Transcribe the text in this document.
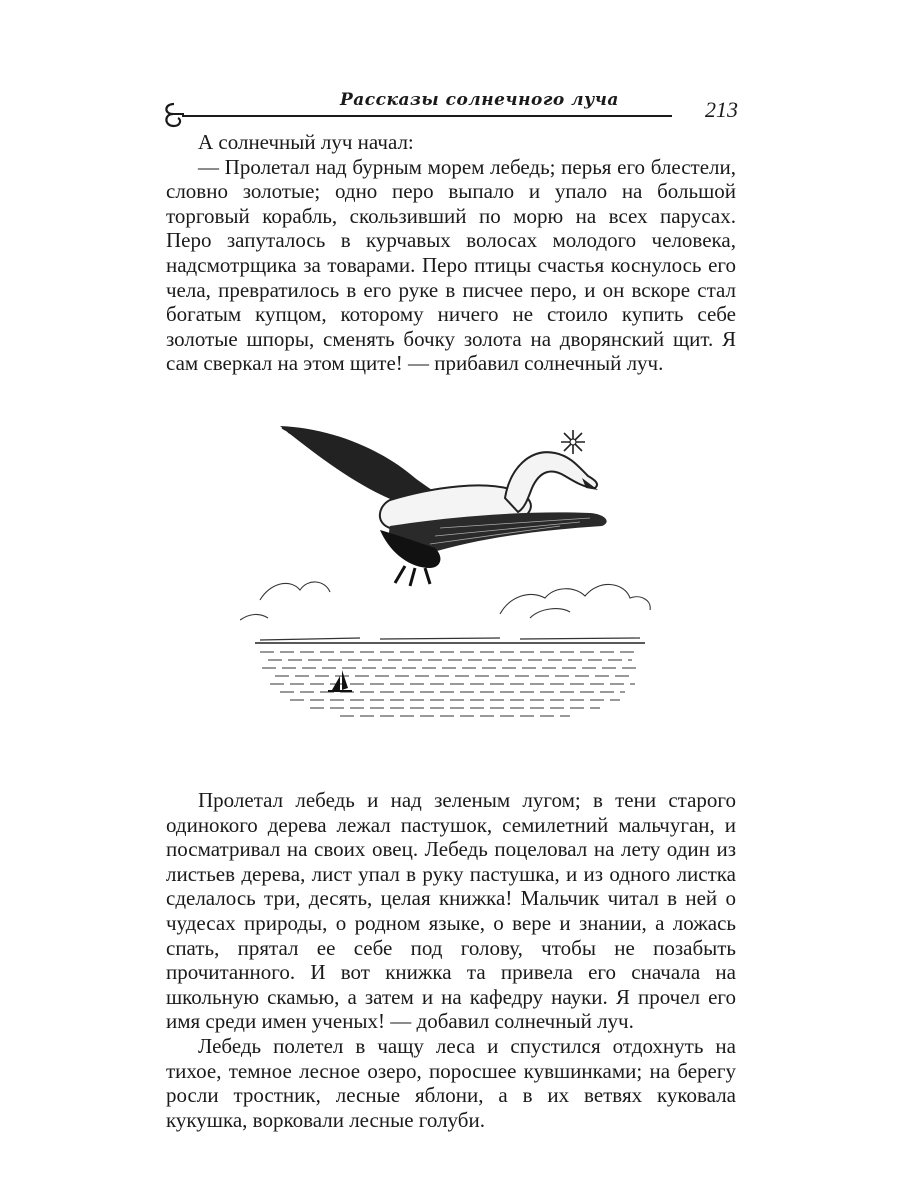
Рассказы солнечного луча	213

А солнечный луч начал:

— Пролетал над бурным морем лебедь; перья его блестели, словно золотые; одно перо выпало и упало на большой торговый корабль, скользивший по морю на всех парусах. Перо запуталось в курчавых волосах молодого человека, надсмотрщика за товарами. Перо птицы счастья коснулось его чела, превратилось в его руке в писчее перо, и он вскоре стал богатым купцом, которому ничего не стоило купить себе золотые шпоры, сменять бочку золота на дворянский щит. Я сам сверкал на этом щите! — прибавил солнечный луч.

Пролетал лебедь и над зеленым лугом; в тени старого одинокого дерева лежал пастушок, семилетний мальчуган, и посматривал на своих овец. Лебедь поцеловал на лету один из листьев дерева, лист упал в руку пастушка, и из одного листка сделалось три, десять, целая книжка! Мальчик читал в ней о чудесах природы, о родном языке, о вере и знании, а ложась спать, прятал ее себе под голову, чтобы не позабыть прочитанного. И вот книжка та привела его сначала на школьную скамью, а затем и на кафедру науки. Я прочел его имя среди имен ученых! — добавил солнечный луч.

Лебедь полетел в чащу леса и спустился отдохнуть на тихое, темное лесное озеро, поросшее кувшинками; на берегу росли тростник, лесные яблони, а в их ветвях куковала кукушка, ворковали лесные голуби.
